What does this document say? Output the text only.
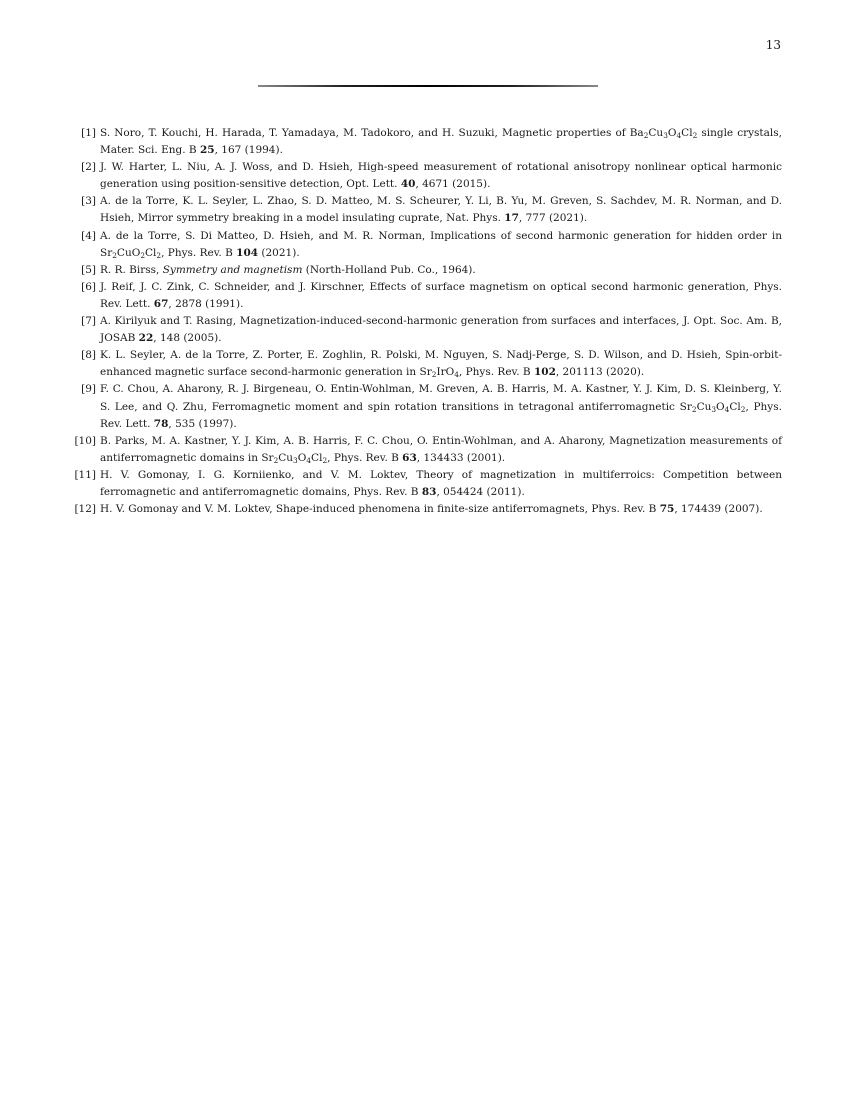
13
[1] S. Noro, T. Kouchi, H. Harada, T. Yamadaya, M. Tadokoro, and H. Suzuki, Magnetic properties of $Ba_2Cu_3O_4Cl_2$ single crystals, Mater. Sci. Eng. B 25, 167 (1994).
[2] J. W. Harter, L. Niu, A. J. Woss, and D. Hsieh, High-speed measurement of rotational anisotropy nonlinear optical harmonic generation using position-sensitive detection, Opt. Lett. 40, 4671 (2015).
[3] A. de la Torre, K. L. Seyler, L. Zhao, S. D. Matteo, M. S. Scheurer, Y. Li, B. Yu, M. Greven, S. Sachdev, M. R. Norman, and D. Hsieh, Mirror symmetry breaking in a model insulating cuprate, Nat. Phys. 17, 777 (2021).
[4] A. de la Torre, S. Di Matteo, D. Hsieh, and M. R. Norman, Implications of second harmonic generation for hidden order in $Sr_2CuO_2Cl_2$, Phys. Rev. B 104 (2021).
[5] R. R. Birss, Symmetry and magnetism (North-Holland Pub. Co., 1964).
[6] J. Reif, J. C. Zink, C. Schneider, and J. Kirschner, Effects of surface magnetism on optical second harmonic generation, Phys. Rev. Lett. 67, 2878 (1991).
[7] A. Kirilyuk and T. Rasing, Magnetization-induced-second-harmonic generation from surfaces and interfaces, J. Opt. Soc. Am. B, JOSAB 22, 148 (2005).
[8] K. L. Seyler, A. de la Torre, Z. Porter, E. Zoghlin, R. Polski, M. Nguyen, S. Nadj-Perge, S. D. Wilson, and D. Hsieh, Spin-orbit-enhanced magnetic surface second-harmonic generation in $Sr_2IrO_4$, Phys. Rev. B 102, 201113 (2020).
[9] F. C. Chou, A. Aharony, R. J. Birgeneau, O. Entin-Wohlman, M. Greven, A. B. Harris, M. A. Kastner, Y. J. Kim, D. S. Kleinberg, Y. S. Lee, and Q. Zhu, Ferromagnetic moment and spin rotation transitions in tetragonal antiferromagnetic $Sr_2Cu_3O_4Cl_2$, Phys. Rev. Lett. 78, 535 (1997).
[10] B. Parks, M. A. Kastner, Y. J. Kim, A. B. Harris, F. C. Chou, O. Entin-Wohlman, and A. Aharony, Magnetization measurements of antiferromagnetic domains in $Sr_2Cu_3O_4Cl_2$, Phys. Rev. B 63, 134433 (2001).
[11] H. V. Gomonay, I. G. Korniienko, and V. M. Loktev, Theory of magnetization in multiferroics: Competition between ferromagnetic and antiferromagnetic domains, Phys. Rev. B 83, 054424 (2011).
[12] H. V. Gomonay and V. M. Loktev, Shape-induced phenomena in finite-size antiferromagnets, Phys. Rev. B 75, 174439 (2007).
